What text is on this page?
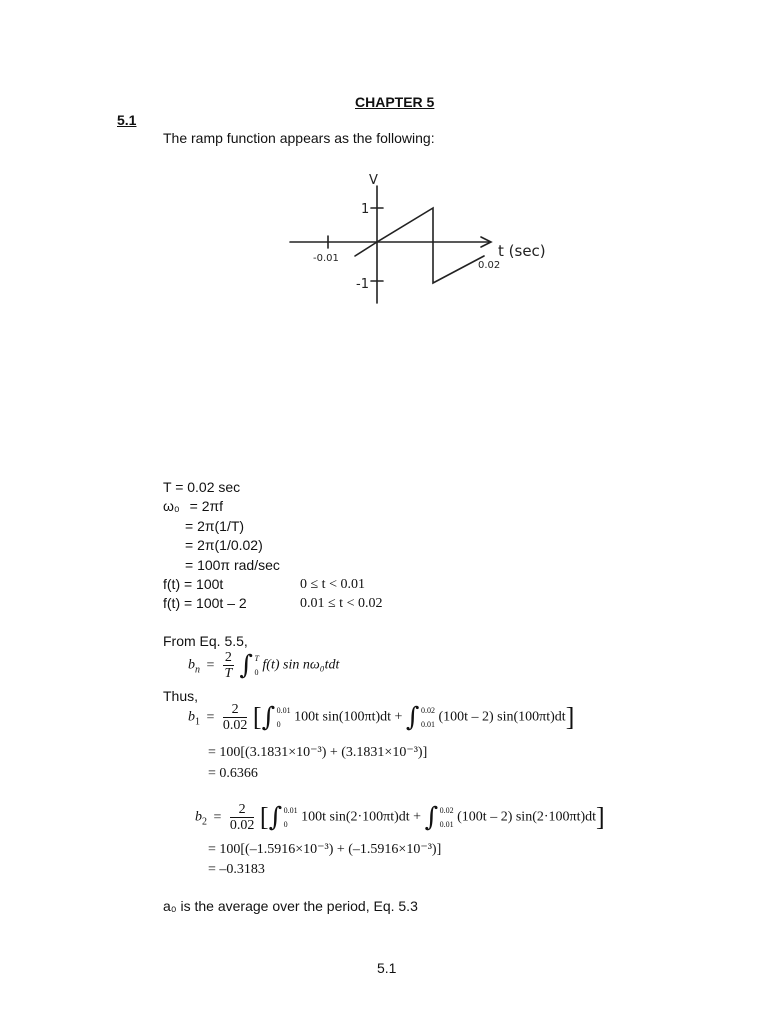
CHAPTER 5
5.1
The ramp function appears as the following:
V
1
-1
-0.01
0.02
t (sec)
T = 0.02 sec
ω₀ = 2πf
= 2π(1/T)
= 2π(1/0.02)
= 100π rad/sec
f(t) = 100t	0 ≤ t < 0.01
f(t) = 100t – 2	0.01 ≤ t < 0.02
From Eq. 5.5,
$b_n = \frac{2}{T}$ ∫ T
0 f(t) sin nω₀tdt
Thus,
$b_1 = \frac{2}{0.02}$ [∫ 0.01
0 100t sin(100πt)dt + ∫ 0.02
0.01 (100t – 2) sin(100πt)dt]
= 100[(3.1831×10⁻³) + (3.1831×10⁻³)]
= 0.6366
$b_2 = \frac{2}{0.02}$ [∫ 0.01
0 100t sin(2·100πt)dt + ∫ 0.02
0.01 (100t – 2) sin(2·100πt)dt]
= 100[(–1.5916×10⁻³) + (–1.5916×10⁻³)]
= –0.3183
a₀ is the average over the period, Eq. 5.3
5.1
